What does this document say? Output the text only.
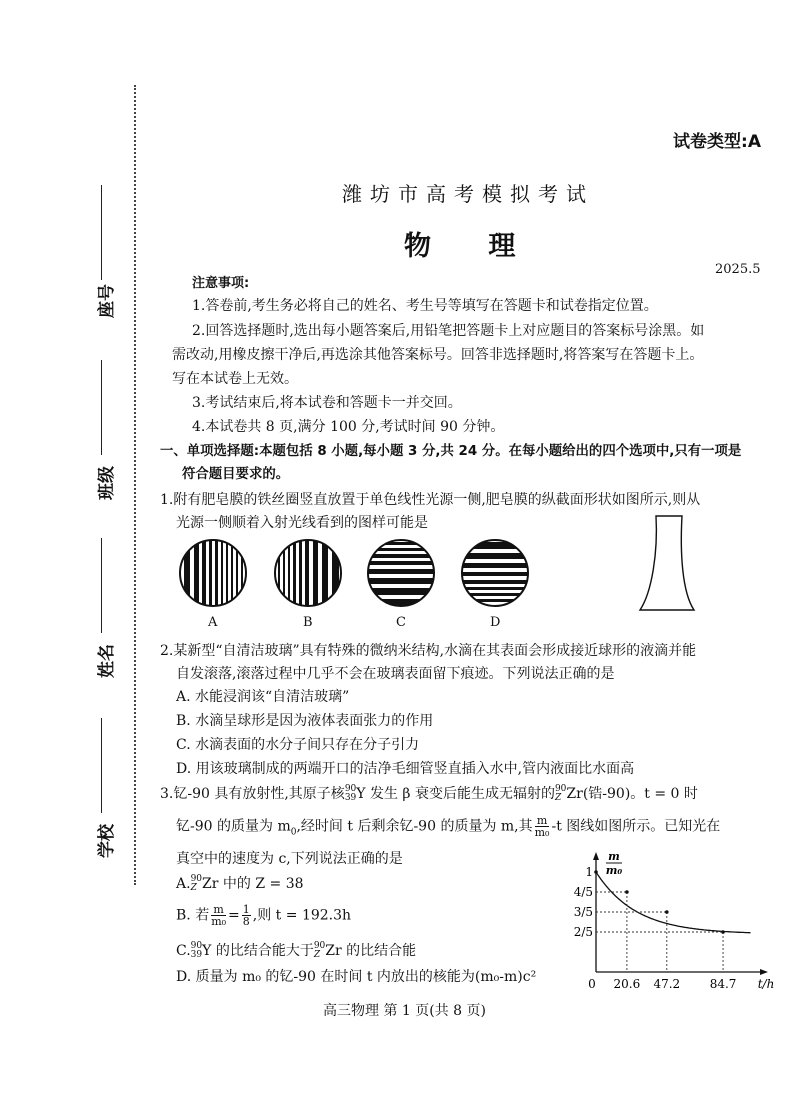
座号
班级
姓名
学校
试卷类型:A
潍坊市高考模拟考试
物 理
2025.5
注意事项:
1.答卷前,考生务必将自己的姓名、考生号等填写在答题卡和试卷指定位置。
2.回答选择题时,选出每小题答案后,用铅笔把答题卡上对应题目的答案标号涂黑。如
需改动,用橡皮擦干净后,再选涂其他答案标号。回答非选择题时,将答案写在答题卡上。
写在本试卷上无效。
3.考试结束后,将本试卷和答题卡一并交回。
4.本试卷共 8 页,满分 100 分,考试时间 90 分钟。
一、单项选择题:本题包括 8 小题,每小题 3 分,共 24 分。在每小题给出的四个选项中,只有一项是
符合题目要求的。
1.附有肥皂膜的铁丝圈竖直放置于单色线性光源一侧,肥皂膜的纵截面形状如图所示,则从
光源一侧顺着入射光线看到的图样可能是
A	B	C	D
2.某新型“自清洁玻璃”具有特殊的微纳米结构,水滴在其表面会形成接近球形的液滴并能
自发滚落,滚落过程中几乎不会在玻璃表面留下痕迹。下列说法正确的是
A. 水能浸润该“自清洁玻璃”
B. 水滴呈球形是因为液体表面张力的作用
C. 水滴表面的水分子间只存在分子引力
D. 用该玻璃制成的两端开口的洁净毛细管竖直插入水中,管内液面比水面高
3.钇-90 具有放射性,其原子核 90
39 Y 发生 β 衰变后能生成无辐射的 90
Z Zr(锆-90)。t = 0 时
钇-90 的质量为 $m_0$,经时间 t 后剩余钇-90 的质量为 m,其 $\frac{m}{\text{m₀}} -t$ 图线如图所示。已知光在
真空中的速度为 c,下列说法正确的是
A. 90
Z Zr 中的 Z = 38
B. 若 $\frac{m}{\text{m₀}} = \frac{1}{8}$ ,则 t = 192.3h
C. 90
39 Y 的比结合能大于 90
Z Zr 的比结合能
D. 质量为 m₀ 的钇-90 在时间 t 内放出的核能为(m₀-m)c²
1
4/5
3/5
2/5
0 20.6 47.2 84.7 t/h
m
m₀
高三物理 第 1 页(共 8 页)
